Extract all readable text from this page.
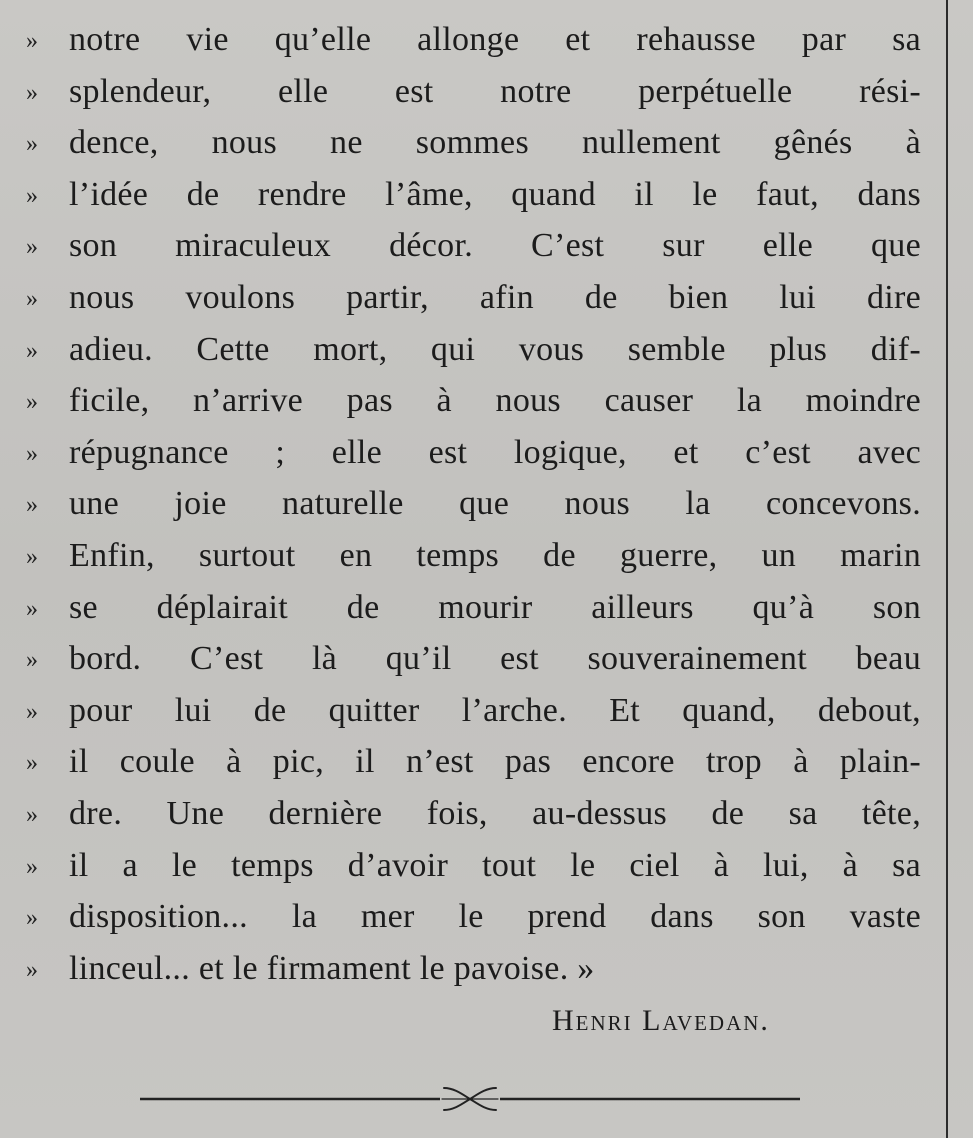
» notre vie qu’elle allonge et rehausse par sa
» splendeur, elle est notre perpétuelle rési-
» dence, nous ne sommes nullement gênés à
» l’idée de rendre l’âme, quand il le faut, dans
» son miraculeux décor. C’est sur elle que
» nous voulons partir, afin de bien lui dire
» adieu. Cette mort, qui vous semble plus dif-
» ficile, n’arrive pas à nous causer la moindre
» répugnance ; elle est logique, et c’est avec
» une joie naturelle que nous la concevons.
» Enfin, surtout en temps de guerre, un marin
» se déplairait de mourir ailleurs qu’à son
» bord. C’est là qu’il est souverainement beau
» pour lui de quitter l’arche. Et quand, debout,
» il coule à pic, il n’est pas encore trop à plain-
» dre. Une dernière fois, au-dessus de sa tête,
» il a le temps d’avoir tout le ciel à lui, à sa
» disposition... la mer le prend dans son vaste
» linceul... et le firmament le pavoise. »
Henri Lavedan.
